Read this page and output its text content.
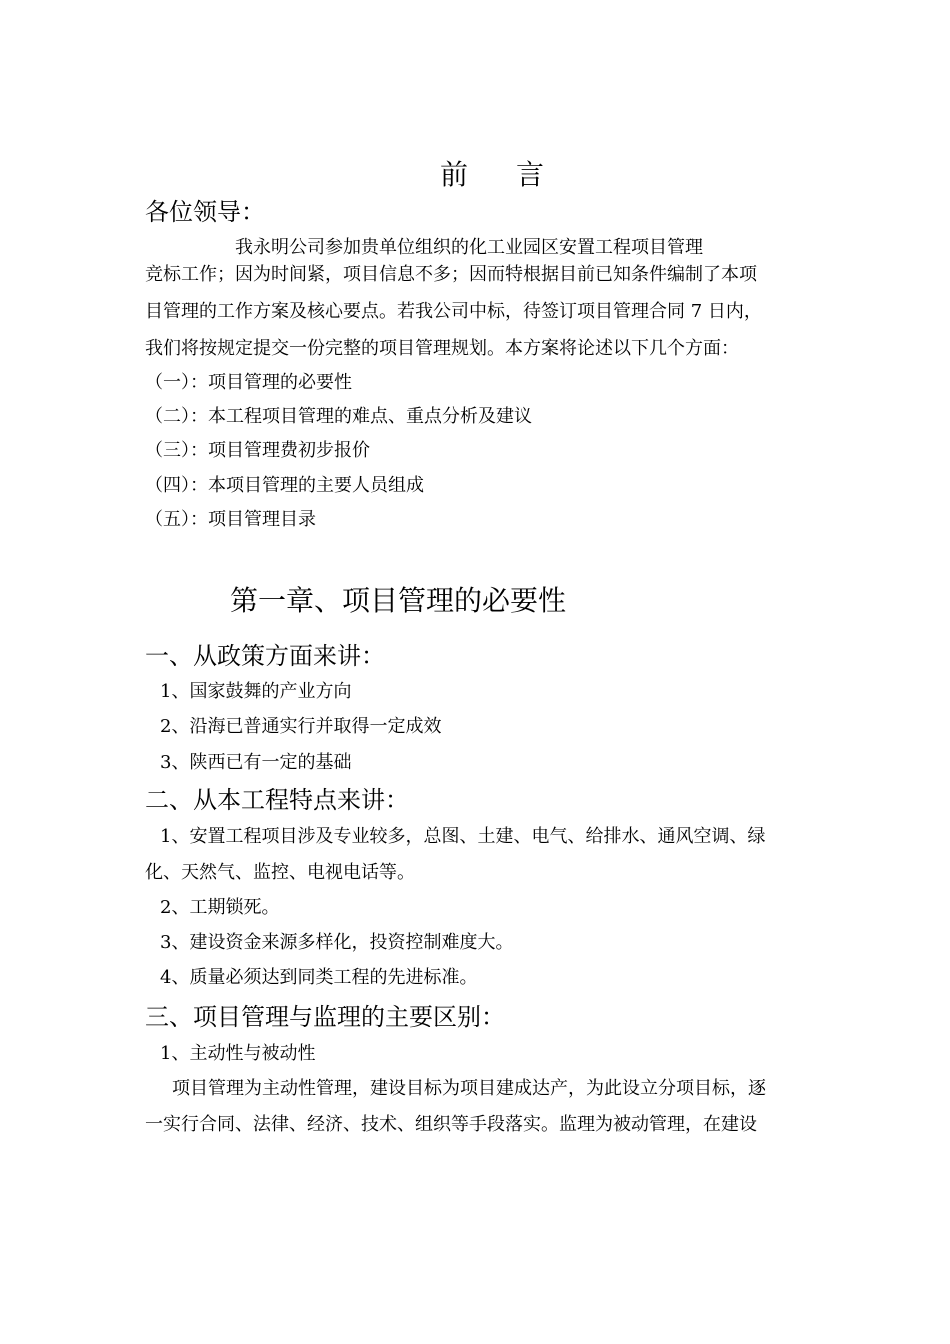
前　言

各位领导：

我永明公司参加贵单位组织的化工业园区安置工程项目管理

竞标工作；因为时间紧，项目信息不多；因而特根据目前已知条件编制了本项

目管理的工作方案及核心要点。若我公司中标，待签订项目管理合同 7 日内，

我们将按规定提交一份完整的项目管理规划。本方案将论述以下几个方面：

（一）：项目管理的必要性

（二）：本工程项目管理的难点、重点分析及建议

（三）：项目管理费初步报价

（四）：本项目管理的主要人员组成

（五）：项目管理目录

第一章、项目管理的必要性

一、从政策方面来讲：

1、国家鼓舞的产业方向

2、沿海已普通实行并取得一定成效

3、陕西已有一定的基础

二、从本工程特点来讲：

1、安置工程项目涉及专业较多，总图、土建、电气、给排水、通风空调、绿

化、天然气、监控、电视电话等。

2、工期锁死。

3、建设资金来源多样化，投资控制难度大。

4、质量必须达到同类工程的先进标准。

三、项目管理与监理的主要区别：

1、主动性与被动性

项目管理为主动性管理，建设目标为项目建成达产，为此设立分项目标，逐

一实行合同、法律、经济、技术、组织等手段落实。监理为被动管理，在建设
